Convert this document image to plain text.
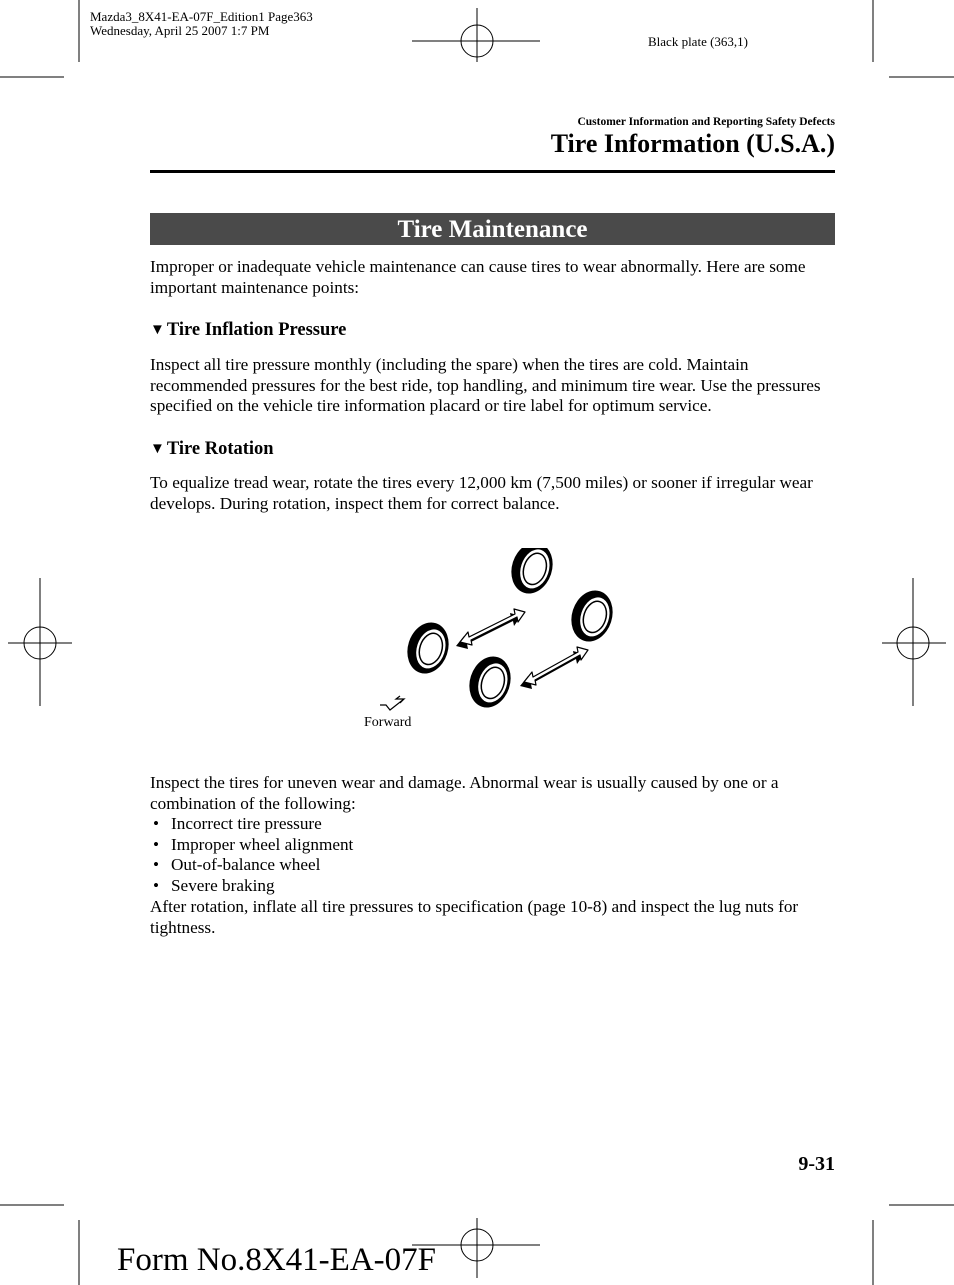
Mazda3_8X41-EA-07F_Edition1 Page363
Wednesday, April 25 2007 1:7 PM
Black plate (363,1)
Customer Information and Reporting Safety Defects
Tire Information (U.S.A.)
Tire Maintenance
Improper or inadequate vehicle maintenance can cause tires to wear abnormally. Here are some important maintenance points:
▼ Tire Inflation Pressure
Inspect all tire pressure monthly (including the spare) when the tires are cold. Maintain recommended pressures for the best ride, top handling, and minimum tire wear. Use the pressures specified on the vehicle tire information placard or tire label for optimum service.
▼ Tire Rotation
To equalize tread wear, rotate the tires every 12,000 km (7,500 miles) or sooner if irregular wear develops. During rotation, inspect them for correct balance.
Forward
Inspect the tires for uneven wear and damage. Abnormal wear is usually caused by one or a combination of the following:
• Incorrect tire pressure
• Improper wheel alignment
• Out-of-balance wheel
• Severe braking
After rotation, inflate all tire pressures to specification (page 10-8) and inspect the lug nuts for tightness.
9-31
Form No.8X41-EA-07F
